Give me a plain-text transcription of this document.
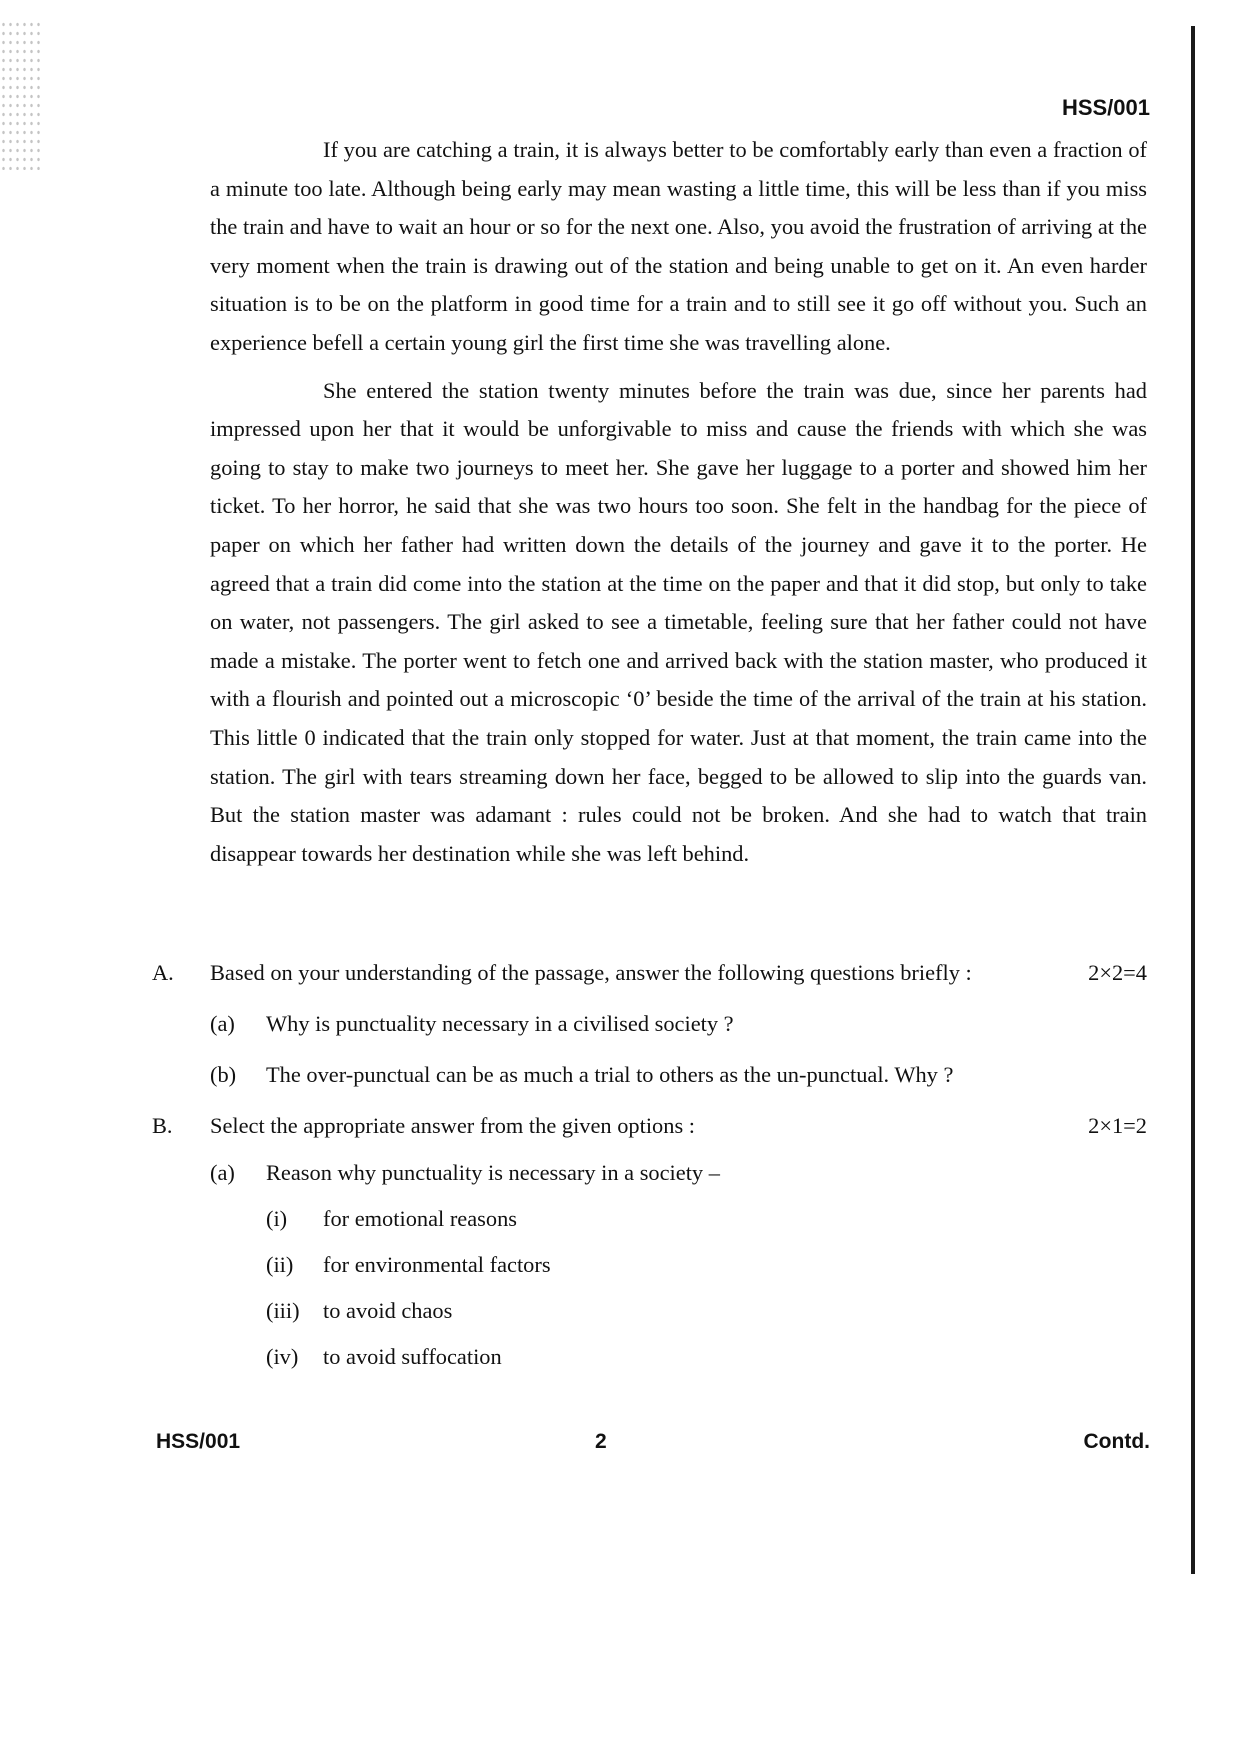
HSS/001

If you are catching a train, it is always better to be comfortably early than even a fraction of a minute too late. Although being early may mean wasting a little time, this will be less than if you miss the train and have to wait an hour or so for the next one. Also, you avoid the frustration of arriving at the very moment when the train is drawing out of the station and being unable to get on it. An even harder situation is to be on the platform in good time for a train and to still see it go off without you. Such an experience befell a certain young girl the first time she was travelling alone.

She entered the station twenty minutes before the train was due, since her parents had impressed upon her that it would be unforgivable to miss and cause the friends with which she was going to stay to make two journeys to meet her. She gave her luggage to a porter and showed him her ticket. To her horror, he said that she was two hours too soon. She felt in the handbag for the piece of paper on which her father had written down the details of the journey and gave it to the porter. He agreed that a train did come into the station at the time on the paper and that it did stop, but only to take on water, not passengers. The girl asked to see a timetable, feeling sure that her father could not have made a mistake. The porter went to fetch one and arrived back with the station master, who produced it with a flourish and pointed out a microscopic ‘0’ beside the time of the arrival of the train at his station. This little 0 indicated that the train only stopped for water. Just at that moment, the train came into the station. The girl with tears streaming down her face, begged to be allowed to slip into the guards van. But the station master was adamant : rules could not be broken. And she had to watch that train disappear towards her destination while she was left behind.

A. Based on your understanding of the passage, answer the following questions briefly :	2×2=4
(a) Why is punctuality necessary in a civilised society ?
(b) The over-punctual can be as much a trial to others as the un-punctual. Why ?
B. Select the appropriate answer from the given options :	2×1=2
(a) Reason why punctuality is necessary in a society –
(i) for emotional reasons
(ii) for environmental factors
(iii) to avoid chaos
(iv) to avoid suffocation
HSS/001	2	Contd.
